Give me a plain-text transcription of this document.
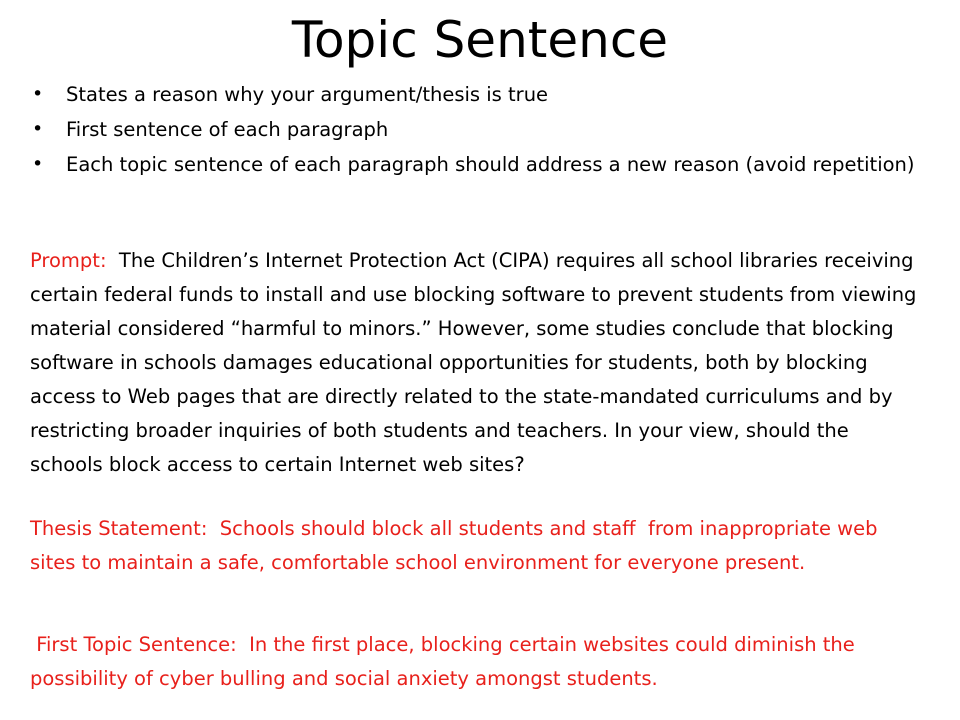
Topic Sentence
•	States a reason why your argument/thesis is true
•	First sentence of each paragraph
•	Each topic sentence of each paragraph should address a new reason (avoid repetition)

Prompt:  The Children’s Internet Protection Act (CIPA) requires all school libraries receiving certain federal funds to install and use blocking software to prevent students from viewing material considered “harmful to minors.” However, some studies conclude that blocking software in schools damages educational opportunities for students, both by blocking access to Web pages that are directly related to the state-mandated curriculums and by restricting broader inquiries of both students and teachers. In your view, should the schools block access to certain Internet web sites?

Thesis Statement:  Schools should block all students and staff  from inappropriate web sites to maintain a safe, comfortable school environment for everyone present.

First Topic Sentence:  In the first place, blocking certain websites could diminish the possibility of cyber bulling and social anxiety amongst students.
